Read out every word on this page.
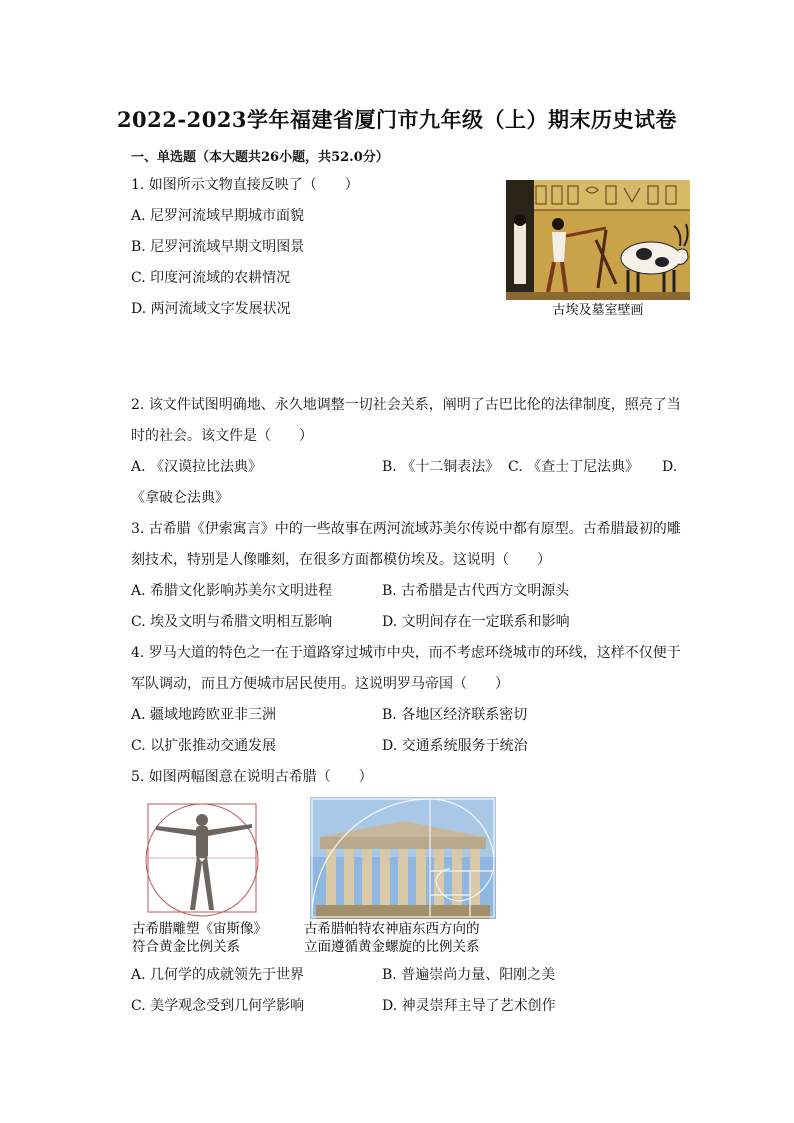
2022-2023学年福建省厦门市九年级（上）期末历史试卷
一、单选题（本大题共26小题，共52.0分）
1. 如图所示文物直接反映了（　　）
A. 尼罗河流域早期城市面貌
B. 尼罗河流域早期文明图景
C. 印度河流域的农耕情况
D. 两河流域文字发展状况	古埃及墓室壁画
2. 该文件试图明确地、永久地调整一切社会关系，阐明了古巴比伦的法律制度，照亮了当
时的社会。该文件是（　　）
A. 《汉谟拉比法典》	B. 《十二铜表法》 C. 《查士丁尼法典》 D.
《拿破仑法典》
3. 古希腊《伊索寓言》中的一些故事在两河流域苏美尔传说中都有原型。古希腊最初的雕
刻技术，特别是人像雕刻，在很多方面都模仿埃及。这说明（　　）
A. 希腊文化影响苏美尔文明进程	B. 古希腊是古代西方文明源头
C. 埃及文明与希腊文明相互影响	D. 文明间存在一定联系和影响
4. 罗马大道的特色之一在于道路穿过城市中央，而不考虑环绕城市的环线，这样不仅便于
军队调动，而且方便城市居民使用。这说明罗马帝国（　　）
A. 疆域地跨欧亚非三洲	B. 各地区经济联系密切
C. 以扩张推动交通发展	D. 交通系统服务于统治
5. 如图两幅图意在说明古希腊（　　）
古希腊雕塑《宙斯像》
符合黄金比例关系
古希腊帕特农神庙东西方向的
立面遵循黄金螺旋的比例关系
A. 几何学的成就领先于世界	B. 普遍崇尚力量、阳刚之美
C. 美学观念受到几何学影响	D. 神灵崇拜主导了艺术创作
